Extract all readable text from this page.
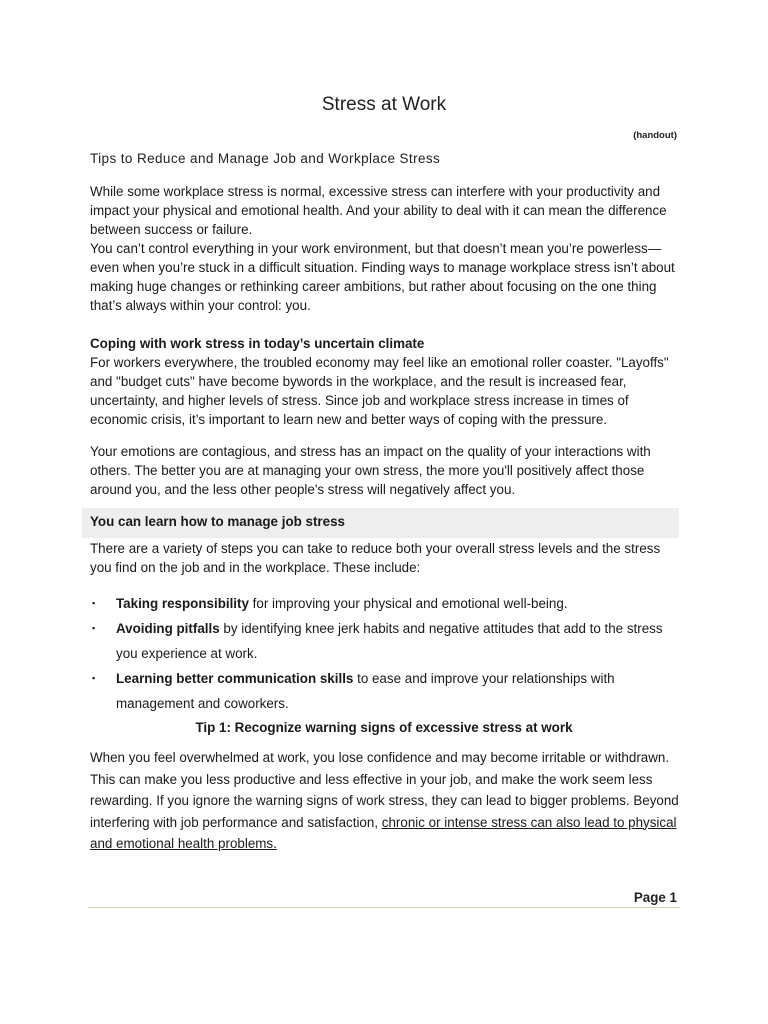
Stress at Work
(handout)
Tips to Reduce and Manage Job and Workplace Stress
While some workplace stress is normal, excessive stress can interfere with your productivity and impact your physical and emotional health. And your ability to deal with it can mean the difference between success or failure.
You can’t control everything in your work environment, but that doesn’t mean you’re powerless—even when you’re stuck in a difficult situation. Finding ways to manage workplace stress isn’t about making huge changes or rethinking career ambitions, but rather about focusing on the one thing that’s always within your control: you.
Coping with work stress in today’s uncertain climate
For workers everywhere, the troubled economy may feel like an emotional roller coaster. "Layoffs" and "budget cuts" have become bywords in the workplace, and the result is increased fear, uncertainty, and higher levels of stress. Since job and workplace stress increase in times of economic crisis, it’s important to learn new and better ways of coping with the pressure.
Your emotions are contagious, and stress has an impact on the quality of your interactions with others. The better you are at managing your own stress, the more you'll positively affect those around you, and the less other people's stress will negatively affect you.
You can learn how to manage job stress
There are a variety of steps you can take to reduce both your overall stress levels and the stress you find on the job and in the workplace. These include:
▪ Taking responsibility for improving your physical and emotional well-being.
▪ Avoiding pitfalls by identifying knee jerk habits and negative attitudes that add to the stress you experience at work.
▪ Learning better communication skills to ease and improve your relationships with management and coworkers.
Tip 1: Recognize warning signs of excessive stress at work
When you feel overwhelmed at work, you lose confidence and may become irritable or withdrawn. This can make you less productive and less effective in your job, and make the work seem less rewarding. If you ignore the warning signs of work stress, they can lead to bigger problems. Beyond interfering with job performance and satisfaction, chronic or intense stress can also lead to physical and emotional health problems.
Page 1
